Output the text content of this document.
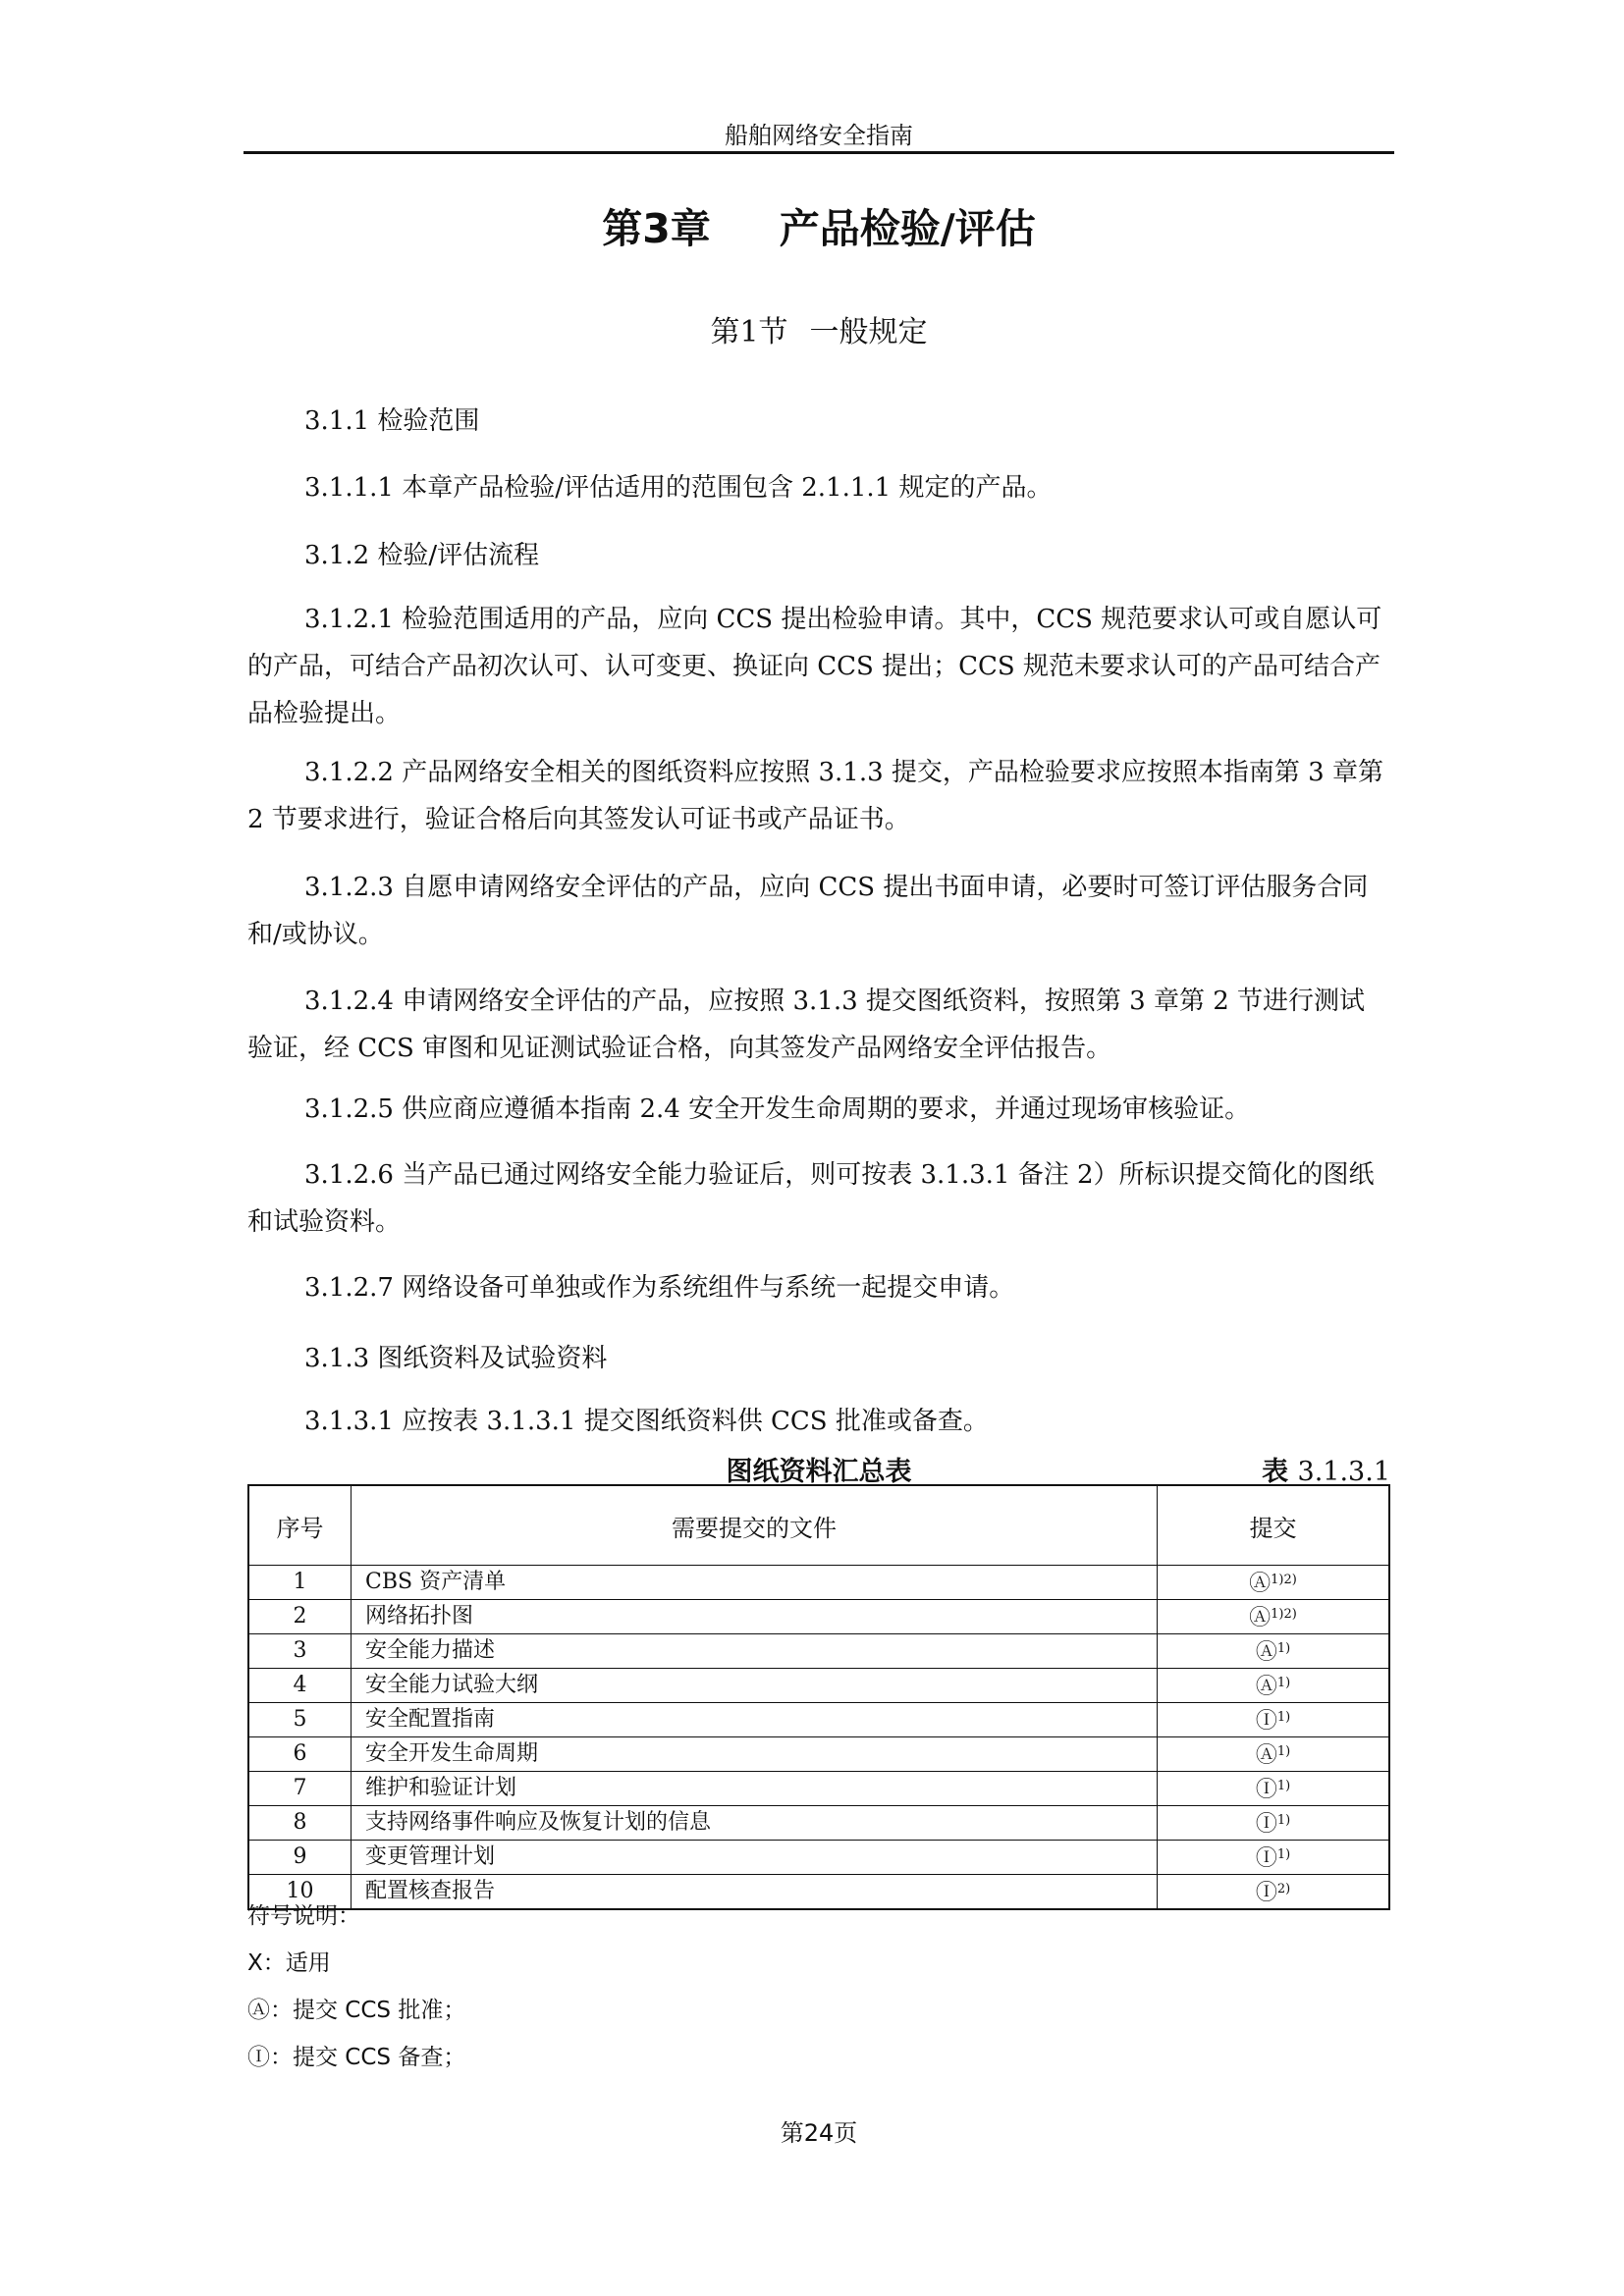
船舶网络安全指南
第3章 产品检验/评估
第1节 一般规定

3.1.1 检验范围

3.1.1.1 本章产品检验/评估适用的范围包含 2.1.1.1 规定的产品。

3.1.2 检验/评估流程

3.1.2.1 检验范围适用的产品，应向 CCS 提出检验申请。其中，CCS 规范要求认可或自愿认可的产品，可结合产品初次认可、认可变更、换证向 CCS 提出；CCS 规范未要求认可的产品可结合产品检验提出。

3.1.2.2 产品网络安全相关的图纸资料应按照 3.1.3 提交，产品检验要求应按照本指南第 3 章第 2 节要求进行，验证合格后向其签发认可证书或产品证书。

3.1.2.3 自愿申请网络安全评估的产品，应向 CCS 提出书面申请，必要时可签订评估服务合同和/或协议。

3.1.2.4 申请网络安全评估的产品，应按照 3.1.3 提交图纸资料，按照第 3 章第 2 节进行测试验证，经 CCS 审图和见证测试验证合格，向其签发产品网络安全评估报告。

3.1.2.5 供应商应遵循本指南 2.4 安全开发生命周期的要求，并通过现场审核验证。

3.1.2.6 当产品已通过网络安全能力验证后，则可按表 3.1.3.1 备注 2）所标识提交简化的图纸和试验资料。

3.1.2.7 网络设备可单独或作为系统组件与系统一起提交申请。

3.1.3 图纸资料及试验资料

3.1.3.1 应按表 3.1.3.1 提交图纸资料供 CCS 批准或备查。

图纸资料汇总表	表 3.1.3.1
序号	需要提交的文件	提交
1	CBS 资产清单	Ⓐ$^{1)2)}$
2	网络拓扑图	Ⓐ$^{1)2)}$
3	安全能力描述	Ⓐ$^{1)}$
4	安全能力试验大纲	Ⓐ$^{1)}$
5	安全配置指南	Ⓘ$^{1)}$
6	安全开发生命周期	Ⓐ$^{1)}$
7	维护和验证计划	Ⓘ$^{1)}$
8	支持网络事件响应及恢复计划的信息	Ⓘ$^{1)}$
9	变更管理计划	Ⓘ$^{1)}$
10	配置核查报告	Ⓘ$^{2)}$

符号说明：

X：适用

Ⓐ：提交 CCS 批准；

Ⓘ：提交 CCS 备查；

第24页
